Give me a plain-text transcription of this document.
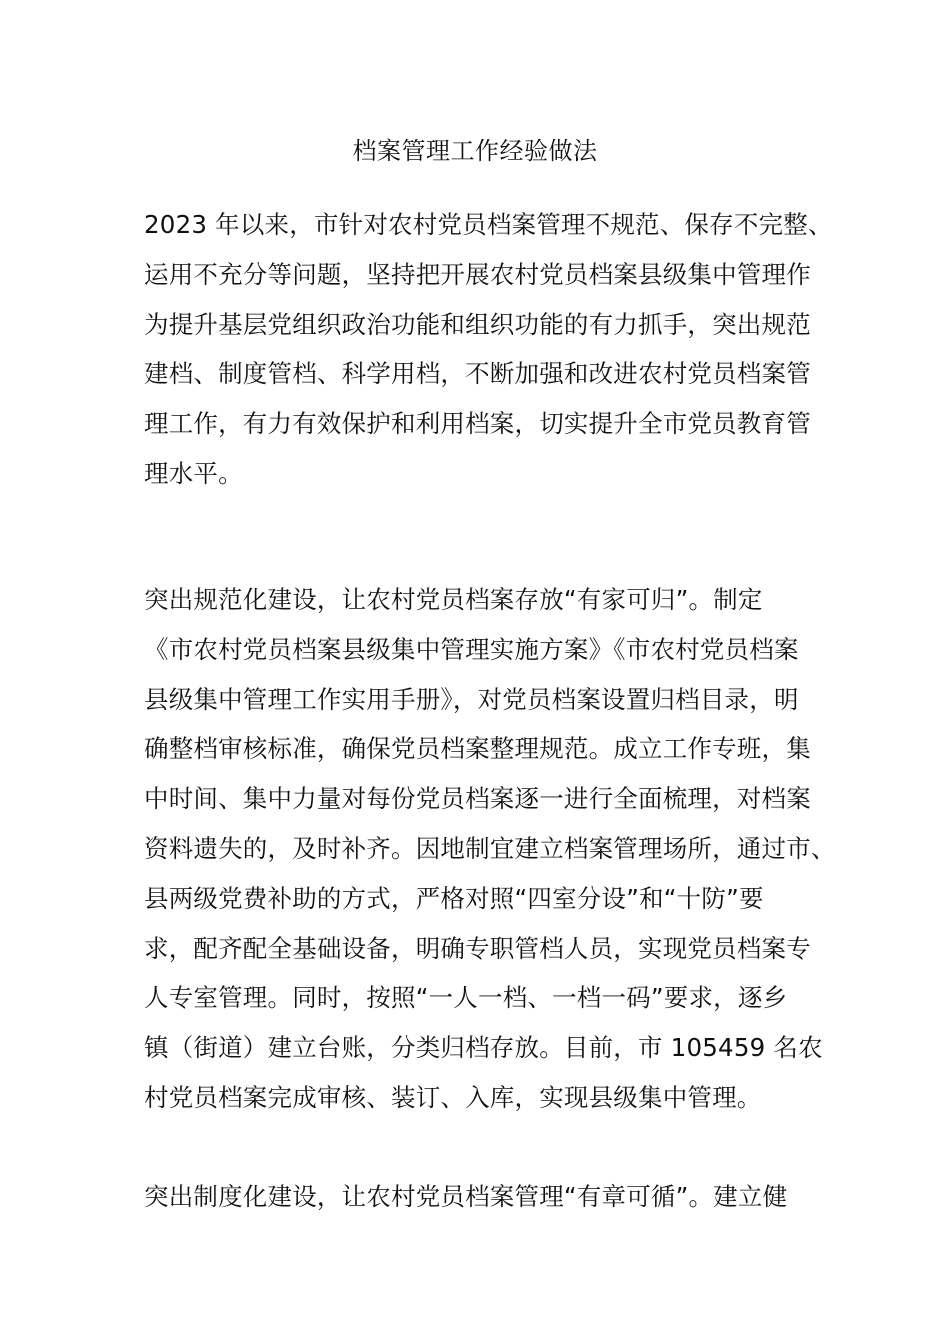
档案管理工作经验做法

2023 年以来，市针对农村党员档案管理不规范、保存不完整、
运用不充分等问题，坚持把开展农村党员档案县级集中管理作
为提升基层党组织政治功能和组织功能的有力抓手，突出规范
建档、制度管档、科学用档，不断加强和改进农村党员档案管
理工作，有力有效保护和利用档案，切实提升全市党员教育管
理水平。

突出规范化建设，让农村党员档案存放“有家可归”。制定
《市农村党员档案县级集中管理实施方案》《市农村党员档案
县级集中管理工作实用手册》，对党员档案设置归档目录，明
确整档审核标准，确保党员档案整理规范。成立工作专班，集
中时间、集中力量对每份党员档案逐一进行全面梳理，对档案
资料遗失的，及时补齐。因地制宜建立档案管理场所，通过市、
县两级党费补助的方式，严格对照“四室分设”和“十防”要
求，配齐配全基础设备，明确专职管档人员，实现党员档案专
人专室管理。同时，按照“一人一档、一档一码”要求，逐乡
镇（街道）建立台账，分类归档存放。目前，市 105459 名农
村党员档案完成审核、装订、入库，实现县级集中管理。

突出制度化建设，让农村党员档案管理“有章可循”。建立健
